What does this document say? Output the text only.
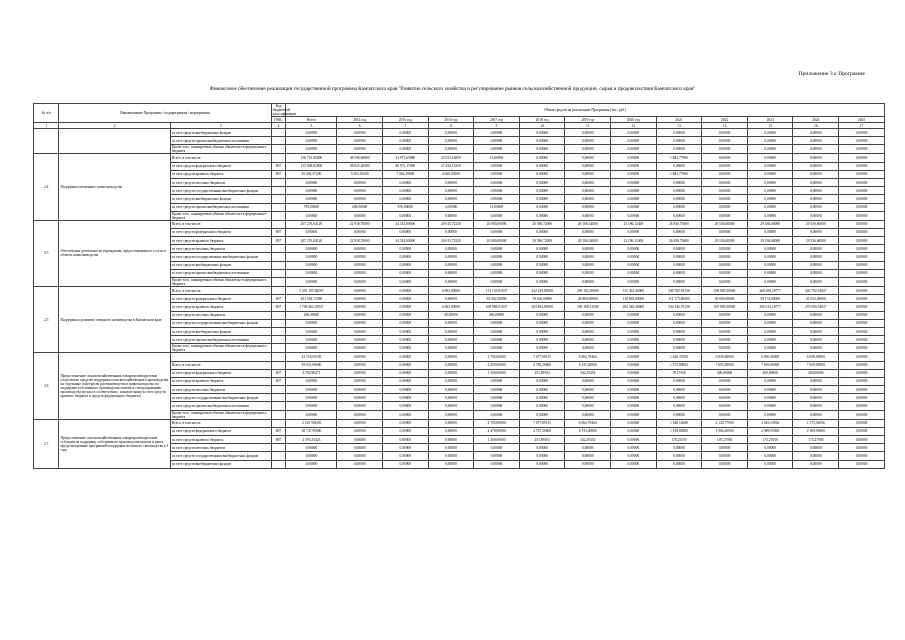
Приложение 3 к Программе
Финансовое обеспечение реализации государственной программы Камчатского края "Развитие сельского хозяйства и регулирование рынков сельскохозяйственной продукции, сырья и продовольствия Камчатского края"
№ п/п	Наименование Программы / подпрограммы / мероприятия		Код бюджетной классификации	Объем средств на реализацию Программы (тыс. руб.)												
			ГРБС	Всего	2014 год	2015 год	2016 год	2017 год	2018 год	2019 год	2020 год	2021	2022	2023	2024	2025
1	2	3	4	5	6	7	8	9	10	11	12	13	14	15	16	17
		за счет средств внебюджетных фондов		0,00000	0,00000	0,00000	0,00000	0,00000	0,00000	0,00000	0,00000	0,00000	0,00000	0,00000	0,00000	0,00000
		за счет средств прочих внебюджетных источников		0,00000	0,00000	0,00000	0,00000	0,00000	0,00000	0,00000	0,00000	0,00000	0,00000	0,00000	0,00000	0,00000
		Кроме того, планируемые объемы обязательств федерального бюджета		0,00000	0,00000	0,00000	0,00000	0,00000	0,00000	0,00000	0,00000	0,00000	0,00000	0,00000	0,00000	0,00000
2.4	Поддержка племенного животноводства	Всего, в том числе:		156 731,00000	48 596,60800	34 971,65880	32 053,16850	13,00000	0,00000	0,00000	0,00000	1 882,77000	0,00000	0,00000	0,00000	0,00000
		за счет средств федерального бюджета	807	135 948,82000	38 025,40000	48 971,17000	27 456,15350	0,00000	0,00000	0,00000	0,00000	0,00000	0,00000	0,00000	0,00000	0,00000
		за счет средств краевого бюджета	807	20 002,57200	9 302,03200	7 064,49000	4 620,03500	0,00000	0,00000	0,00000	0,00000	1 882,77000	0,00000	0,00000	0,00000	0,00000
		за счет средств местных бюджетов		0,00000	0,00000	0,00000	0,00000	0,00000	0,00000	0,00000	0,00000	0,00000	0,00000	0,00000	0,00000	0,00000
		за счет средств государственных внебюджетных фондов		0,00000	0,00000	0,00000	0,00000	0,00000	0,00000	0,00000	0,00000	0,00000	0,00000	0,00000	0,00000	0,00000
		за счет средств внебюджетных фондов		0,00000	0,00000	0,00000	0,00000	0,00000	0,00000	0,00000	0,00000	0,00000	0,00000	0,00000	0,00000	0,00000
		за счет средств прочих внебюджетных источников		781,00000	268,50000	876,00000	-6,00000	15,00000	0,00000	0,00000	0,00000	0,00000	0,00000	0,00000	0,00000	0,00000
		Кроме того, планируемые объемы обязательств федерального бюджета		0,00000	0,00000	0,00000	0,00000	0,00000	0,00000	0,00000	0,00000	0,00000	0,00000	0,00000	0,00000	0,00000
2.5	Обеспечение деятельности учреждения, предоставляющего услуги в области животноводства	Всего, в том числе:		267 276,04120	22 918,70000	24 314,00000	20 615,72320	20 000,00000	20 396,72000	20 106,34000	23 196,12400	26 830,70400	29 536,60000	29 536,60000	29 536,60000	0,00000
		за счет средств федерального бюджета	807	0,00000	0,00000	0,00000	0,00000	0,00000	0,00000	0,00000	0,00000	0,00000	0,00000	0,00000	0,00000	0,00000
		за счет средств краевого бюджета	807	267 276,04120	22 918,70000	24 314,00000	20 615,72320	20 000,00000	20 396,72000	20 106,34000	23 196,12400	26 830,70400	29 536,60000	29 536,60000	29 536,60000	0,00000
		за счет средств местных бюджетов		0,00000	0,00000	0,00000	0,00000	0,00000	0,00000	0,00000	0,00000	0,00000	0,00000	0,00000	0,00000	0,00000
		за счет средств государственных внебюджетных фондов		0,00000	0,00000	0,00000	0,00000	0,00000	0,00000	0,00000	0,00000	0,00000	0,00000	0,00000	0,00000	0,00000
		за счет средств внебюджетных фондов		0,00000	0,00000	0,00000	0,00000	0,00000	0,00000	0,00000	0,00000	0,00000	0,00000	0,00000	0,00000	0,00000
		за счет средств прочих внебюджетных источников		0,00000	0,00000	0,00000	0,00000	0,00000	0,00000	0,00000	0,00000	0,00000	0,00000	0,00000	0,00000	0,00000
		Кроме того, планируемые объемы обязательств федерального бюджета		0,00000	0,00000	0,00000	0,00000	0,00000	0,00000	0,00000	0,00000	0,00000	0,00000	0,00000	0,00000	0,00000
2.5	Поддержка и развитие северного оленеводства в Камчатском крае	Всего, в том числе:		2 201 195,08287	0,00000	0,00000	6 003,00000	172 135,81037	242 459,85000	249 192,30000	315 461,40000	349 765,03138	358 005,00000	260 208,18777	320 792,34927	0,00000
		за счет средств федерального бюджета	807	451 502,72380	0,00000	0,00000	0,00000	63 002,30000	78 166,00000	40 860,00000	110 803,00000	111 175,00000	30 000,00000	59 174,00000	41 952,00000	0,00000
		за счет средств краевого бюджета	807	1 709 462,35927	0,00000	0,00000	6 003,00000	108 988,51037	163 894,85000	169 188,31000	204 446,40000	230 346,70138	307 005,00000	200 314,18777	270 590,34927	0,00000
		за счет средств местных бюджетов		200,00000	0,00000	0,00000	40,00000	200,00000	0,00000	0,00000	0,00000	0,00000	0,00000	0,00000	0,00000	0,00000
		за счет средств государственных внебюджетных фондов		0,00000	0,00000	0,00000	0,00000	0,00000	0,00000	0,00000	0,00000	0,00000	0,00000	0,00000	0,00000	0,00000
		за счет средств внебюджетных фондов		0,00000	0,00000	0,00000	0,00000	0,00000	0,00000	0,00000	0,00000	0,00000	0,00000	0,00000	0,00000	0,00000
		за счет средств прочих внебюджетных источников		0,00000	0,00000	0,00000	0,00000	0,00000	0,00000	0,00000	0,00000	0,00000	0,00000	0,00000	0,00000	0,00000
		Кроме того, планируемые объемы обязательств федерального бюджета		0,00000	0,00000	0,00000	0,00000	0,00000	0,00000	0,00000	0,00000	0,00000	0,00000	0,00000	0,00000	0,00000
2.6	Предоставление сельскохозяйственным товаропроизводителям (получатели средств) поддержки сельскохозяйственного производства на отдельные подотрасли растениеводства и животноводства по поддержке собственного производства молока и стимулированию производства молока в соответствии с показателями (за счет средств краевого бюджета и средств федерального бюджета)			43 718,93539	0,00000	0,00000	0,00000	2 705,00000	7 077,09115	6 962,79464	0,00000	1 446,37050	6 050,00000	6 050,00000	6 050,00000	0,00000
		Всего, в том числе:		39 031,69680	0,00000	0,00000	0,00000	4 450,00000	4 785,20000	6 125,40000	0,00000	1 073,89062	7 655,00000	7 659,00000	7 659,00000	0,00000
		за счет средств федерального бюджета	807	3 792,96471	0,00000	0,00000	0,00000	1 300,00000	251,89103	342,29454	0,00000	78,17350	400,00000	400,00000	400,00000	0,00000
		за счет средств краевого бюджета	807	0,00000	0,00000	0,00000	0,00000	0,00000	0,00000	0,00000	0,00000	0,00000	0,00000	0,00000	0,00000	0,00000
		за счет средств местных бюджетов		0,00000	0,00000	0,00000	0,00000	0,00000	0,00000	0,00000	0,00000	0,00000	0,00000	0,00000	0,00000	0,00000
		за счет средств государственных внебюджетных фондов		0,00000	0,00000	0,00000	0,00000	0,00000	0,00000	0,00000	0,00000	0,00000	0,00000	0,00000	0,00000	0,00000
		за счет средств прочих внебюджетных источников		0,00000	0,00000	0,00000	0,00000	0,00000	0,00000	0,00000	0,00000	0,00000	0,00000	0,00000	0,00000	0,00000
		Кроме того, планируемые объемы обязательств федерального бюджета		0,00000	0,00000	0,00000	0,00000	0,00000	0,00000	0,00000	0,00000	0,00000	0,00000	0,00000	0,00000	0,00000
2.7	Предоставление сельскохозяйственным товаропроизводителям субсидии на поддержку собственного производства молока и ранее предусмотренные программой поддержки молочного скотоводства в 1 году	Всего, в том числе:		2 129 504,08	0,00000	0,00000	0,00000	2 705,00000	7 077,09115	6 962,79464	0,00000	1 548,14060	2 145,77990	2 565,53936	2 175,92956	0,00000
		за счет средств федерального бюджета	807	30 747,95000	0,00000	0,00000	0,00000	4 478,00000	4 747,30000	6 733,40000	0,00000	1 359,85000	1 966,20000	2 389,95000	2 389,95000	0,00000
		за счет средств краевого бюджета	807	2 593,33423	0,00000	0,00000	0,00000	1 300,00000	251,89103	342,29454	0,00000	178,25550	197,27050	175,27050	175,27050	0,00000
		за счет средств местных бюджетов		0,00000	0,00000	0,00000	0,00000	0,00000	0,00000	0,00000	0,00000	0,00000	0,00000	0,00000	0,00000	0,00000
		за счет средств государственных внебюджетных фондов		0,00000	0,00000	0,00000	0,00000	0,00000	0,00000	0,00000	0,00000	0,00000	0,00000	0,00000	0,00000	0,00000
		за счет средств внебюджетных фондов		0,00000	0,00000	0,00000	0,00000	0,00000	0,00000	0,00000	0,00000	0,00000	0,00000	0,00000	0,00000	0,00000
